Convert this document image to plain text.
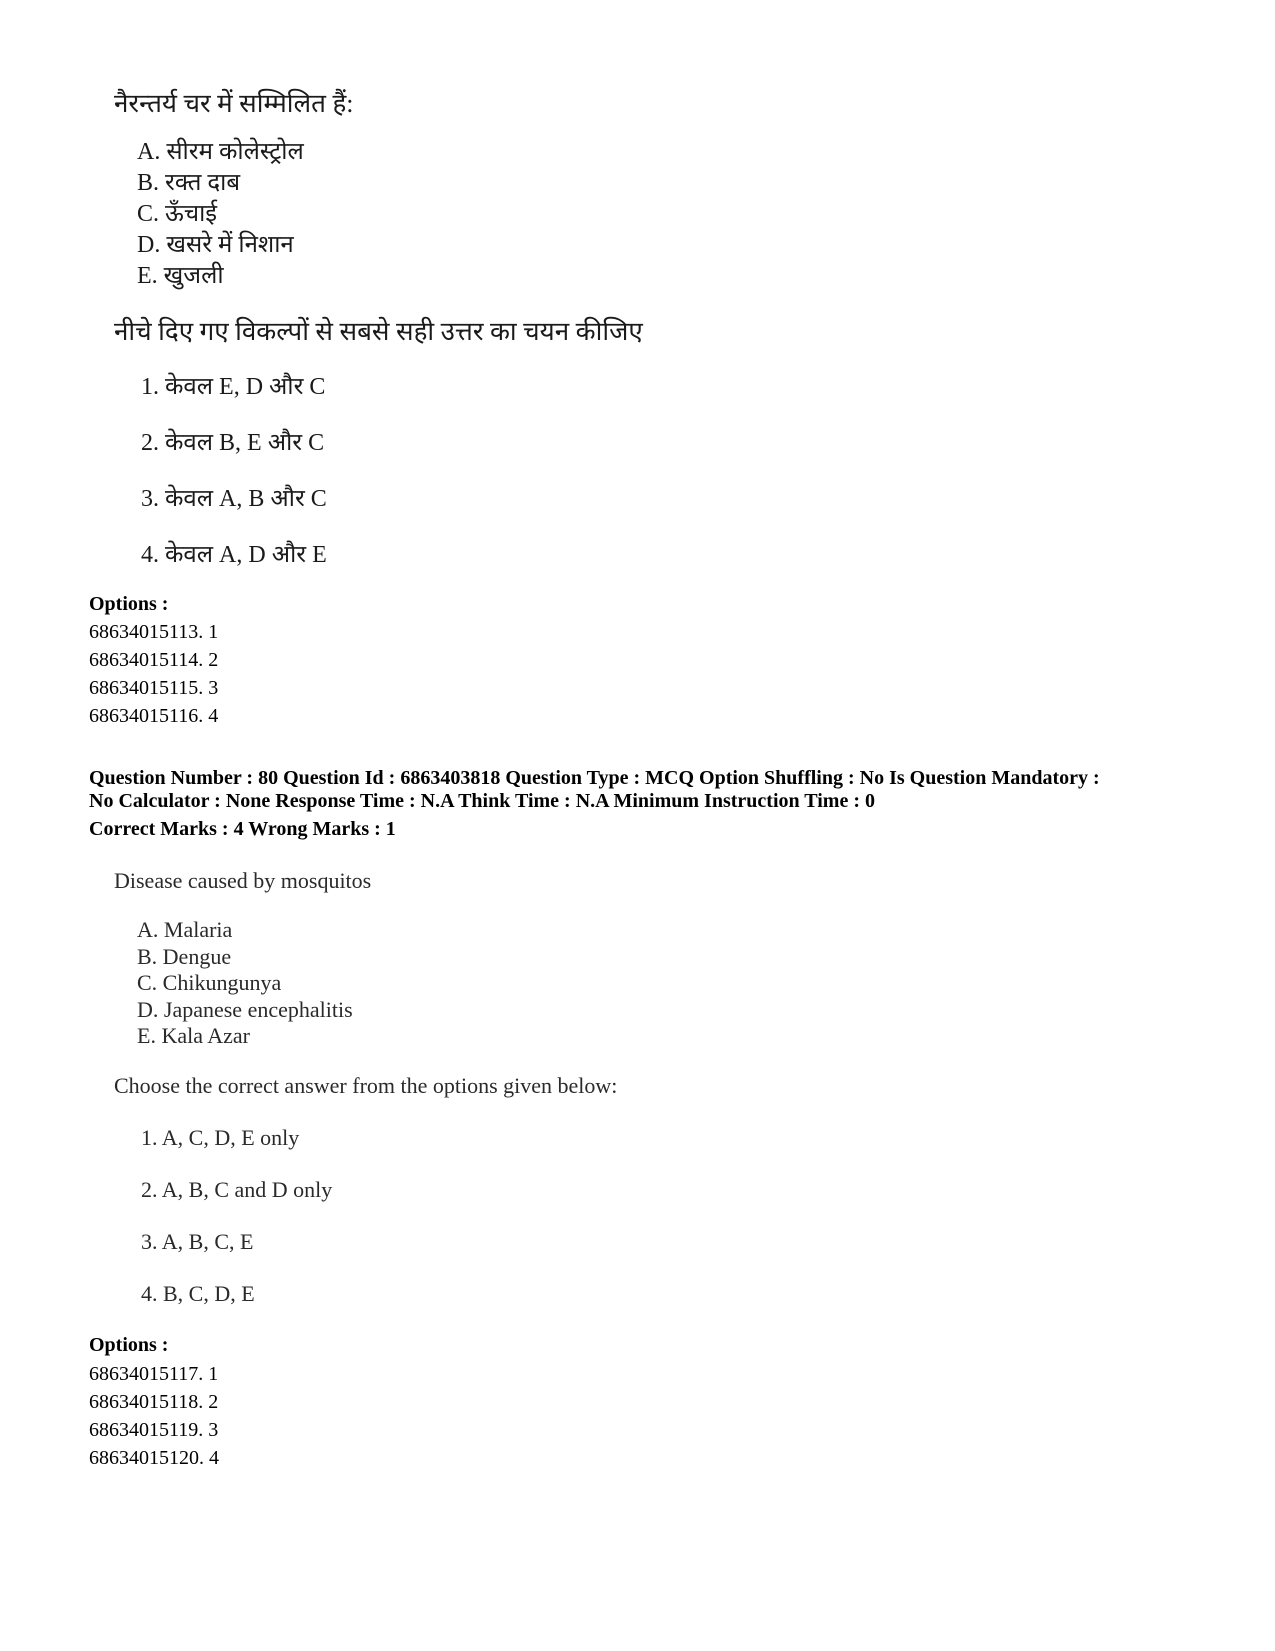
नैरन्तर्य चर में सम्मिलित हैं:
A. सीरम कोलेस्ट्रोल
B. रक्त दाब
C. ऊँचाई
D. खसरे में निशान
E. खुजली
नीचे दिए गए विकल्पों से सबसे सही उत्तर का चयन कीजिए
1. केवल E, D और C
2. केवल B, E और C
3. केवल A, B और C
4. केवल A, D और E
Options :
68634015113. 1
68634015114. 2
68634015115. 3
68634015116. 4
Question Number : 80 Question Id : 6863403818 Question Type : MCQ Option Shuffling : No Is Question Mandatory :
No Calculator : None Response Time : N.A Think Time : N.A Minimum Instruction Time : 0
Correct Marks : 4 Wrong Marks : 1
Disease caused by mosquitos
A. Malaria
B. Dengue
C. Chikungunya
D. Japanese encephalitis
E. Kala Azar
Choose the correct answer from the options given below:
1. A, C, D, E only
2. A, B, C and D only
3. A, B, C, E
4. B, C, D, E
Options :
68634015117. 1
68634015118. 2
68634015119. 3
68634015120. 4
